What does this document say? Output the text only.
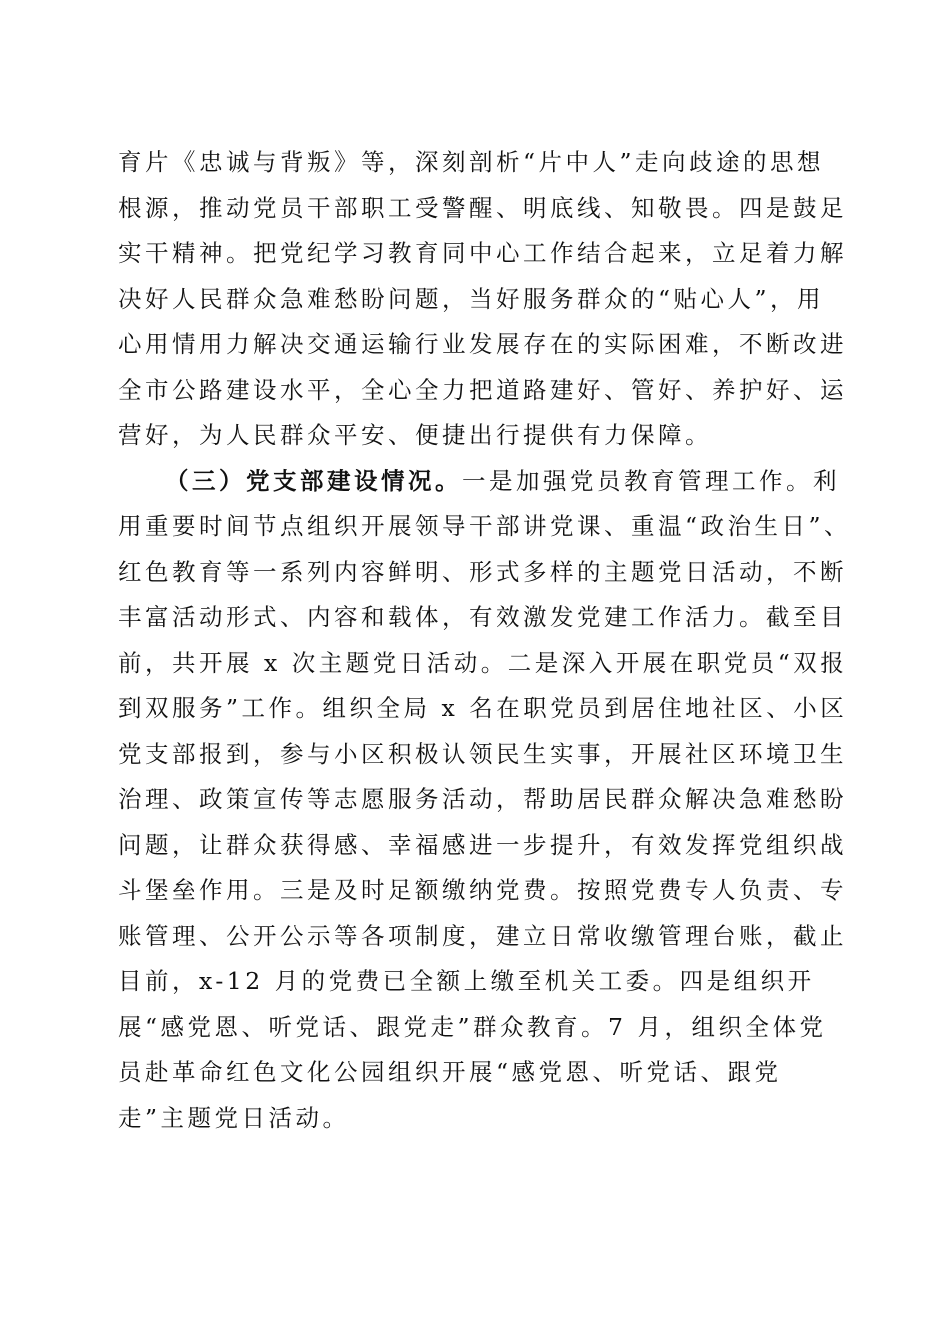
育片《忠诚与背叛》等，深刻剖析“片中人”走向歧途的思想

根源，推动党员干部职工受警醒、明底线、知敬畏。四是鼓足

实干精神。把党纪学习教育同中心工作结合起来，立足着力解

决好人民群众急难愁盼问题，当好服务群众的“贴心人”，用

心用情用力解决交通运输行业发展存在的实际困难，不断改进

全市公路建设水平，全心全力把道路建好、管好、养护好、运

营好，为人民群众平安、便捷出行提供有力保障。

（三）党支部建设情况。一是加强党员教育管理工作。利

用重要时间节点组织开展领导干部讲党课、重温“政治生日”、

红色教育等一系列内容鲜明、形式多样的主题党日活动，不断

丰富活动形式、内容和载体，有效激发党建工作活力。截至目

前，共开展 x 次主题党日活动。二是深入开展在职党员“双报

到双服务”工作。组织全局 x 名在职党员到居住地社区、小区

党支部报到，参与小区积极认领民生实事，开展社区环境卫生

治理、政策宣传等志愿服务活动，帮助居民群众解决急难愁盼

问题，让群众获得感、幸福感进一步提升，有效发挥党组织战

斗堡垒作用。三是及时足额缴纳党费。按照党费专人负责、专

账管理、公开公示等各项制度，建立日常收缴管理台账，截止

目前，x-12 月的党费已全额上缴至机关工委。四是组织开

展“感党恩、听党话、跟党走”群众教育。7 月，组织全体党

员赴革命红色文化公园组织开展“感党恩、听党话、跟党

走”主题党日活动。
